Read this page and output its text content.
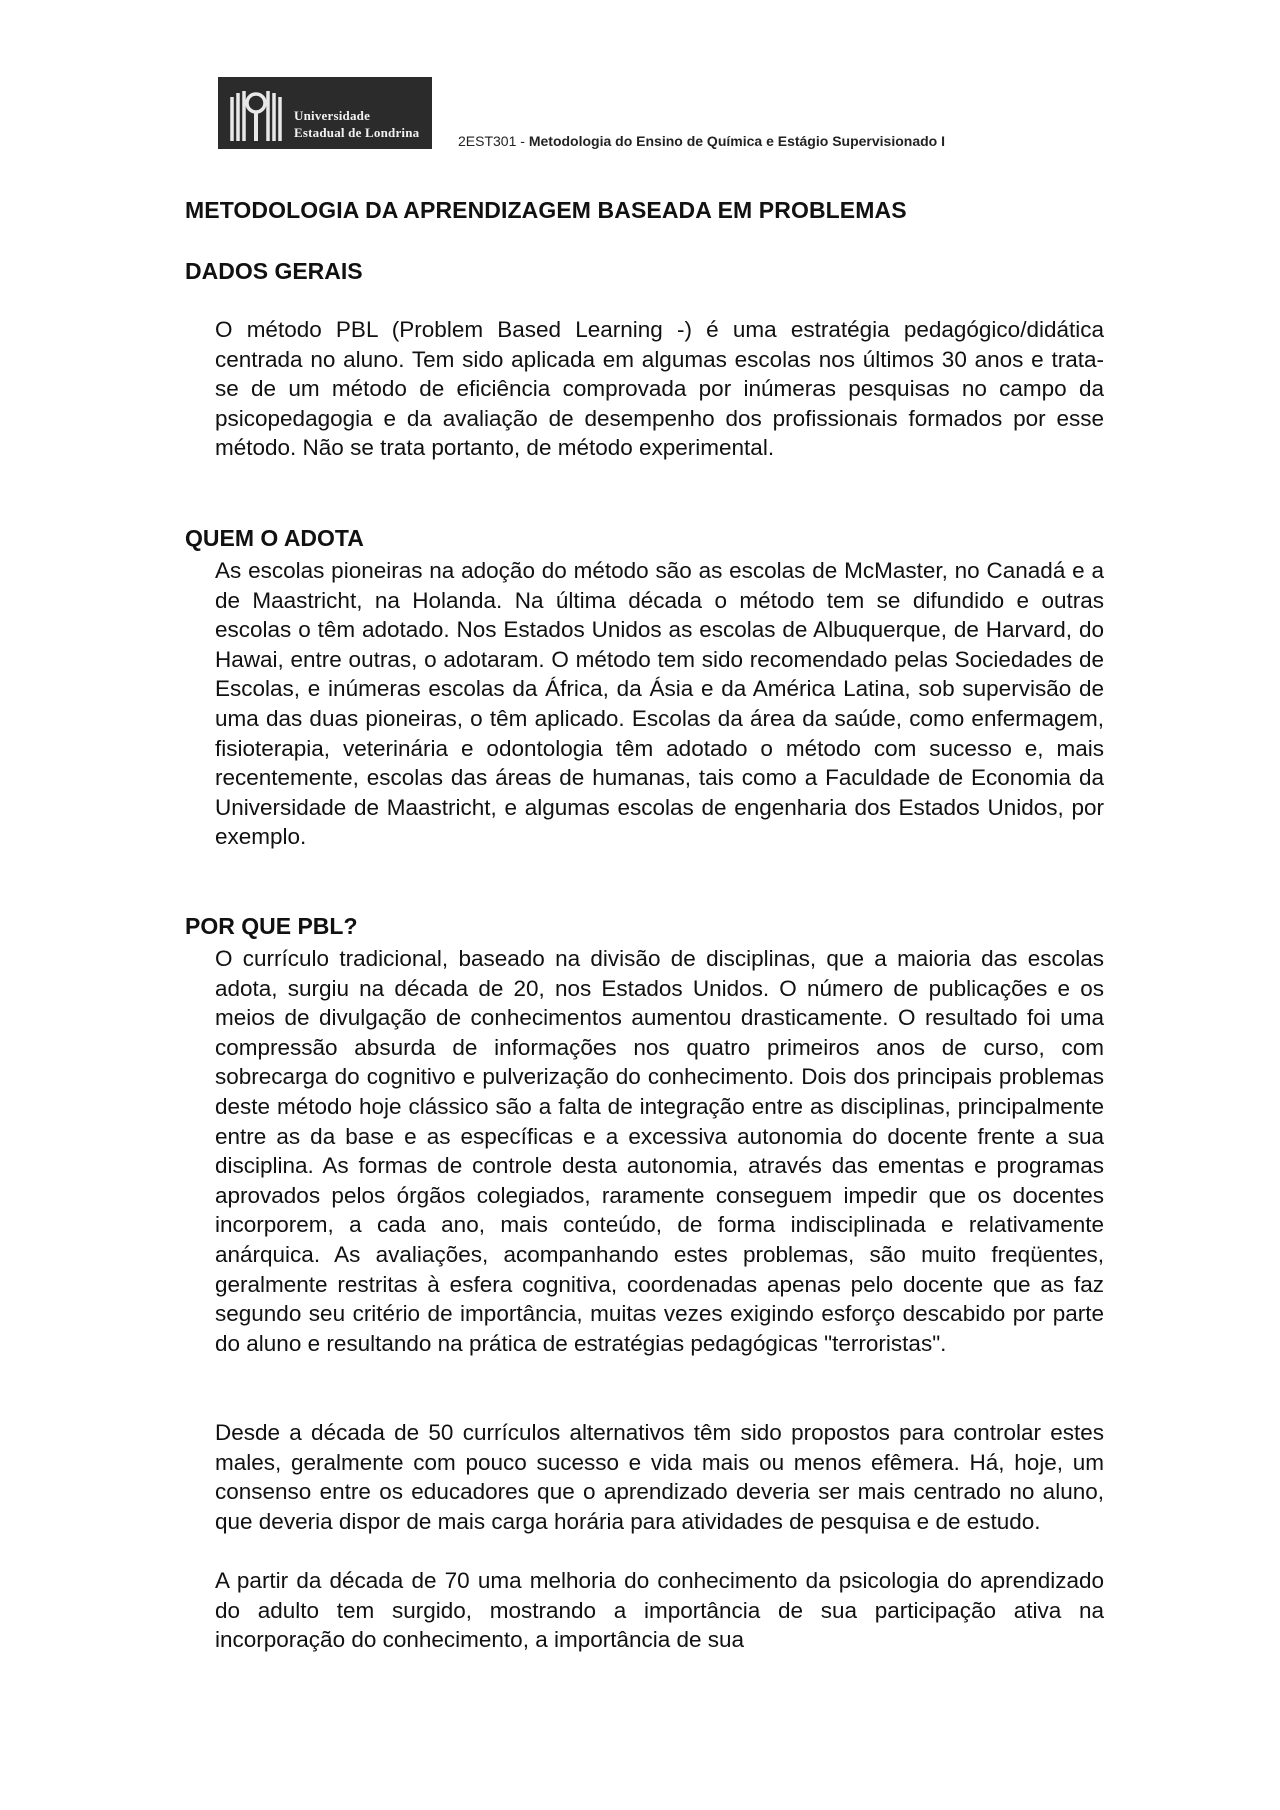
Universidade
Estadual de Londrina
2EST301 - Metodologia do Ensino de Química e Estágio Supervisionado I
METODOLOGIA DA APRENDIZAGEM BASEADA EM PROBLEMAS
DADOS GERAIS

O método PBL (Problem Based Learning -) é uma estratégia pedagógico/didática centrada no aluno. Tem sido aplicada em algumas escolas nos últimos 30 anos e trata-se de um método de eficiência comprovada por inúmeras pesquisas no campo da psicopedagogia e da avaliação de desempenho dos profissionais formados por esse método. Não se trata portanto, de método experimental.

QUEM O ADOTA

As escolas pioneiras na adoção do método são as escolas de McMaster, no Canadá e a de Maastricht, na Holanda. Na última década o método tem se difundido e outras escolas o têm adotado. Nos Estados Unidos as escolas de Albuquerque, de Harvard, do Hawai, entre outras, o adotaram. O método tem sido recomendado pelas Sociedades de Escolas, e inúmeras escolas da África, da Ásia e da América Latina, sob supervisão de uma das duas pioneiras, o têm aplicado. Escolas da área da saúde, como enfermagem, fisioterapia, veterinária e odontologia têm adotado o método com sucesso e, mais recentemente, escolas das áreas de humanas, tais como a Faculdade de Economia da Universidade de Maastricht, e algumas escolas de engenharia dos Estados Unidos, por exemplo.

POR QUE PBL?

O currículo tradicional, baseado na divisão de disciplinas, que a maioria das escolas adota, surgiu na década de 20, nos Estados Unidos. O número de publicações e os meios de divulgação de conhecimentos aumentou drasticamente. O resultado foi uma compressão absurda de informações nos quatro primeiros anos de curso, com sobrecarga do cognitivo e pulverização do conhecimento. Dois dos principais problemas deste método hoje clássico são a falta de integração entre as disciplinas, principalmente entre as da base e as específicas e a excessiva autonomia do docente frente a sua disciplina. As formas de controle desta autonomia, através das ementas e programas aprovados pelos órgãos colegiados, raramente conseguem impedir que os docentes incorporem, a cada ano, mais conteúdo, de forma indisciplinada e relativamente anárquica. As avaliações, acompanhando estes problemas, são muito freqüentes, geralmente restritas à esfera cognitiva, coordenadas apenas pelo docente que as faz segundo seu critério de importância, muitas vezes exigindo esforço descabido por parte do aluno e resultando na prática de estratégias pedagógicas "terroristas".

Desde a década de 50 currículos alternativos têm sido propostos para controlar estes males, geralmente com pouco sucesso e vida mais ou menos efêmera. Há, hoje, um consenso entre os educadores que o aprendizado deveria ser mais centrado no aluno, que deveria dispor de mais carga horária para atividades de pesquisa e de estudo.

A partir da década de 70 uma melhoria do conhecimento da psicologia do aprendizado do adulto tem surgido, mostrando a importância de sua participação ativa na incorporação do conhecimento, a importância de sua
